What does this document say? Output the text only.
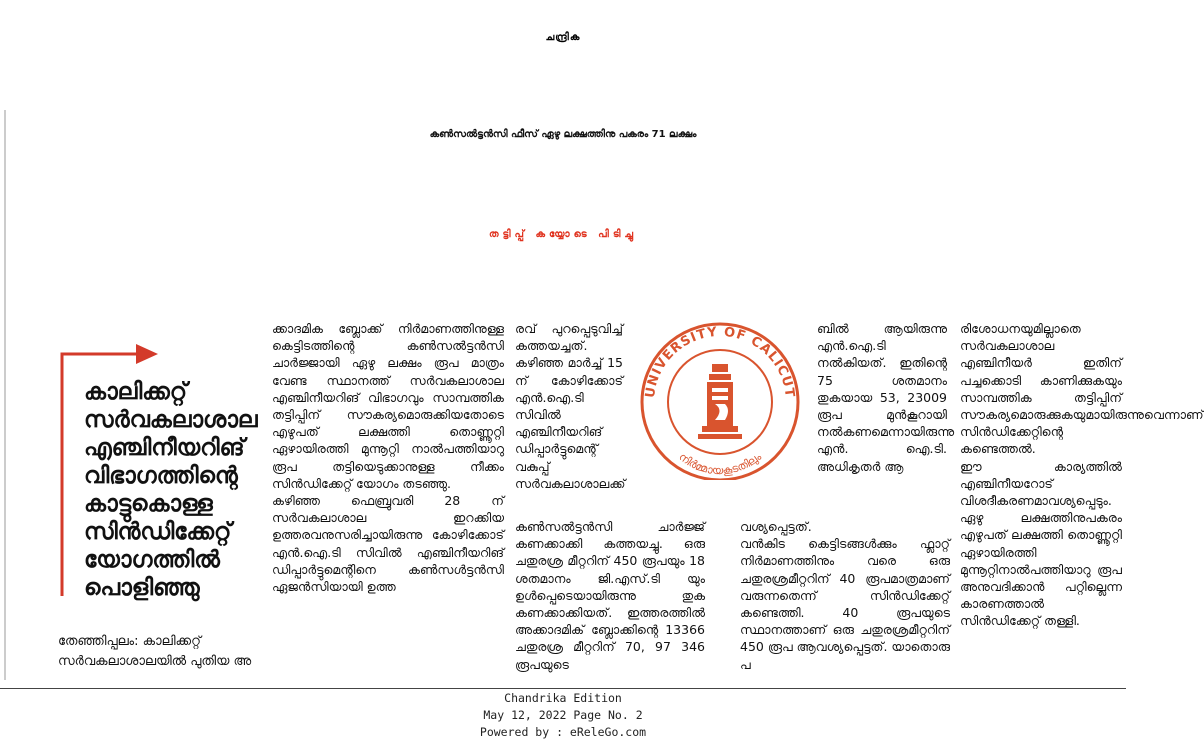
ചന്ദ്രിക
കൺസൽട്ടൻസി ഫീസ് ഏഴു ലക്ഷത്തിനു പകരം 71 ലക്ഷം
തട്ടിപ്പ് കയ്യോടെ പിടിച്ചു
കാലിക്കറ്റ് സർവകലാശാല എഞ്ചിനീയറിങ് വിഭാഗത്തിന്റെ കാട്ടുകൊള്ള സിൻഡിക്കേറ്റ് യോഗത്തിൽ പൊളിഞ്ഞു
തേഞ്ഞിപ്പലം: കാലിക്കറ്റ് സർവകലാശാലയിൽ പുതിയ അ
ക്കാദമിക ബ്ലോക്ക് നിർമാണത്തിനുള്ള കെട്ടിടത്തിന്റെ കൺസൽട്ടൻസി ചാർജ്ജായി ഏഴു ലക്ഷം രൂപ മാത്രം വേണ്ട സ്ഥാനത്ത് സർവകലാശാല എഞ്ചിനീയറിങ് വിഭാഗവും സാമ്പത്തിക തട്ടിപ്പിന് സൗകര്യമൊരുക്കിയതോടെ എഴുപത് ലക്ഷത്തി തൊണ്ണൂറ്റി ഏഴായിരത്തി മുന്നൂറ്റി നാൽപത്തിയാറു രൂപ തട്ടിയെടുക്കാനുള്ള നീക്കം സിൻഡിക്കേറ്റ് യോഗം തടഞ്ഞു.
കഴിഞ്ഞ ഫെബ്രുവരി 28 ന് സർവകലാശാല ഇറക്കിയ ഉത്തരവനുസരിച്ചായിരുന്നു കോഴിക്കോട് എൻ.ഐ.ടി സിവിൽ എഞ്ചിനീയറിങ് ഡിപ്പാർട്ടുമെന്റിനെ കൺസൾട്ടൻസി ഏജൻസിയായി ഉത്ത
രവ് പുറപ്പെടുവിച്ച് കത്തയച്ചത്. കഴിഞ്ഞ മാർച്ച് 15 ന് കോഴിക്കോട് എൻ.ഐ.ടി സിവിൽ എഞ്ചിനീയറിങ് ഡിപ്പാർട്ടുമെന്റ് വകുപ്പ് സർവകലാശാലക്ക്
കൺസൽട്ടൻസി ചാർജ്ജ് കണക്കാക്കി കത്തയച്ചു. ഒരു ചതുരശ്ര മീറ്ററിന് 450 രൂപയും 18 ശതമാനം ജി.എസ്.ടി യും ഉൾപ്പെടെയായിരുന്നു തുക കണക്കാക്കിയത്. ഇത്തരത്തിൽ അക്കാദമിക് ബ്ലോക്കിന്റെ 13366 ചതുരശ്ര മീറ്ററിന് 70, 97 346 രൂപയുടെ
ബിൽ ആയിരുന്നു എൻ.ഐ.ടി നൽകിയത്. ഇതിന്റെ 75 ശതമാനം തുകയായ 53, 23009 രൂപ മുൻകൂറായി നൽകണമെന്നായിരുന്നു എൻ. ഐ.ടി. അധികൃതർ ആ
വശ്യപ്പെട്ടത്.
വൻകിട കെട്ടിടങ്ങൾക്കും ഫ്ലാറ്റ് നിർമാണത്തിനും വരെ ഒരു ചതുരശ്രമീറ്ററിന് 40 രൂപമാത്രമാണ് വരുന്നതെന്ന് സിൻഡിക്കേറ്റ് കണ്ടെത്തി. 40 രൂപയുടെ സ്ഥാനത്താണ് ഒരു ചതുരശ്രമീറ്ററിന് 450 രൂപ ആവശ്യപ്പെട്ടത്. യാതൊരു പ
രിശോധനയുമില്ലാതെ സർവകലാശാല എഞ്ചിനീയർ ഇതിന് പച്ചക്കൊടി കാണിക്കുകയും സാമ്പത്തിക തട്ടിപ്പിന് സൗകര്യമൊരുക്കുകയുമായിരുന്നുവെന്നാണ് സിൻഡിക്കേറ്റിന്റെ കണ്ടെത്തൽ.
ഈ കാര്യത്തിൽ എഞ്ചിനീയറോട് വിശദീകരണമാവശ്യപ്പെടും. ഏഴു ലക്ഷത്തിനുപകരം എഴുപത് ലക്ഷത്തി തൊണ്ണൂറ്റി ഏഴായിരത്തി മുന്നൂറ്റിനാൽപത്തിയാറു രൂപ അനുവദിക്കാൻ പറ്റില്ലെന്ന കാരണത്താൽ സിൻഡിക്കേറ്റ് തള്ളി.
UNIVERSITY OF CALICUT
നിർമ്മായകൂടതിലും
Chandrika Edition
May 12, 2022 Page No. 2
Powered by : eReleGo.com
